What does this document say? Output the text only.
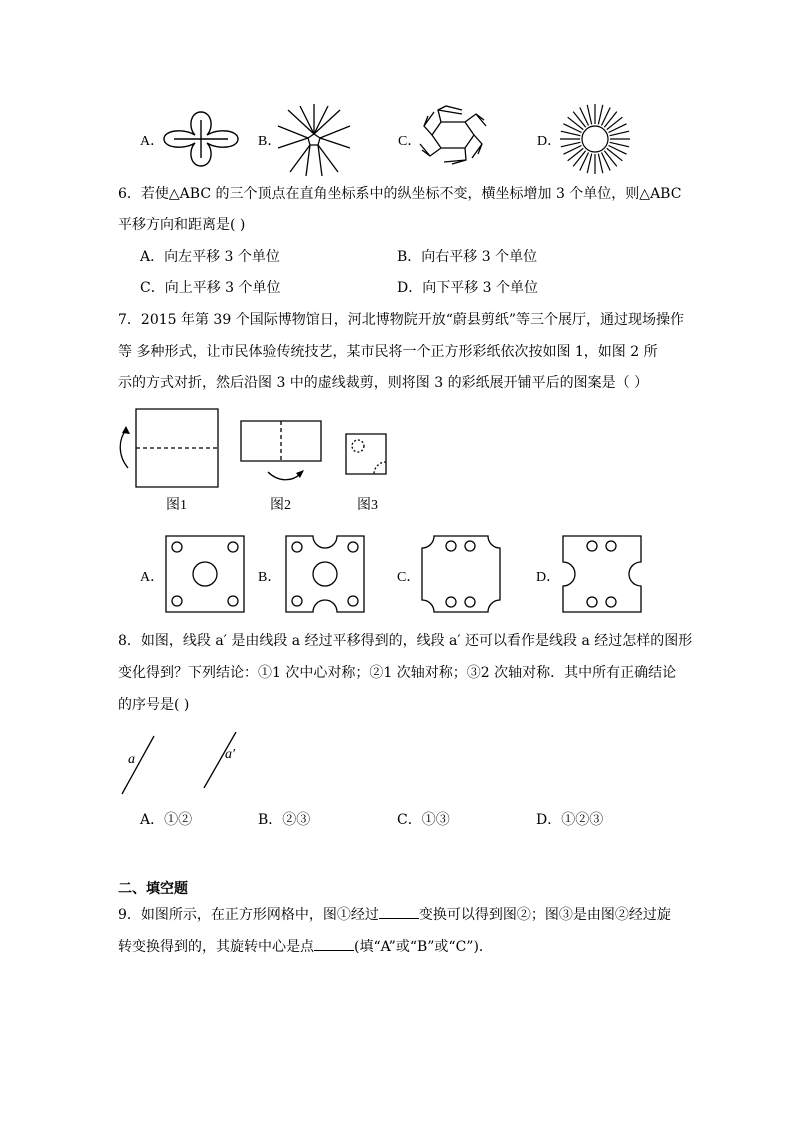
A．	B．	C．	D．
6．若使△ABC 的三个顶点在直角坐标系中的纵坐标不变，横坐标增加 3 个单位，则△ABC
平移方向和距离是( )
A．向左平移 3 个单位	B．向右平移 3 个单位
C．向上平移 3 个单位	D．向下平移 3 个单位
7．2015 年第 39 个国际博物馆日，河北博物院开放“蔚县剪纸”等三个展厅，通过现场操作
等 多种形式，让市民体验传统技艺，某市民将一个正方形彩纸依次按如图 1，如图 2 所
示的方式对折，然后沿图 3 中的虚线裁剪，则将图 3 的彩纸展开铺平后的图案是（ ）
图1	图2	图3
A．	B．	C．	D．
8．如图，线段 a′ 是由线段 a 经过平移得到的，线段 a′ 还可以看作是线段 a 经过怎样的图形
变化得到？下列结论：①1 次中心对称；②1 次轴对称；③2 次轴对称．其中所有正确结论
的序号是( )
a	a′
A．①②	B．②③	C．①③	D．①②③
二、填空题
9．如图所示，在正方形网格中，图①经过	变换可以得到图②；图③是由图②经过旋
转变换得到的，其旋转中心是点	(填“A”或“B”或“C”)．
